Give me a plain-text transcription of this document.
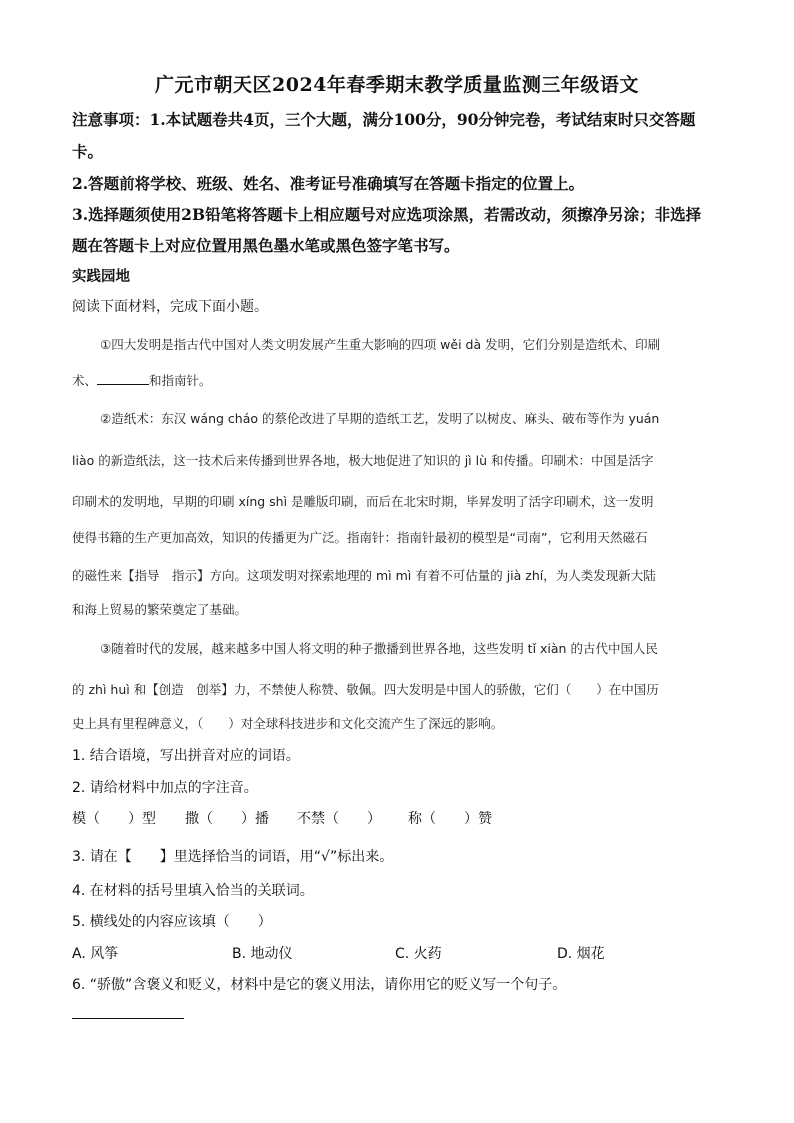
广元市朝天区2024年春季期末教学质量监测三年级语文
注意事项：1.本试题卷共4页，三个大题，满分100分，90分钟完卷，考试结束时只交答题
卡。
2.答题前将学校、班级、姓名、准考证号准确填写在答题卡指定的位置上。
3.选择题须使用2B铅笔将答题卡上相应题号对应选项涂黑，若需改动，须擦净另涂；非选择
题在答题卡上对应位置用黑色墨水笔或黑色签字笔书写。
实践园地
阅读下面材料，完成下面小题。
①四大发明是指古代中国对人类文明发展产生重大影响的四项 wěi dà 发明，它们分别是造纸术、印刷
术、	和指南针。
②造纸术：东汉 wáng cháo 的蔡伦改进了早期的造纸工艺，发明了以树皮、麻头、破布等作为 yuán
liào 的新造纸法，这一技术后来传播到世界各地，极大地促进了知识的 jì lù 和传播。印刷术：中国是活字
印刷术的发明地，早期的印刷 xíng shì 是雕版印刷，而后在北宋时期，毕昇发明了活字印刷术，这一发明
使得书籍的生产更加高效，知识的传播更为广泛。指南针：指南针最初的模型是“司南”，它利用天然磁石
的磁性来【指导　指示】方向。这项发明对探索地理的 mì mì 有着不可估量的 jià zhí，为人类发现新大陆
和海上贸易的繁荣奠定了基础。
③随着时代的发展，越来越多中国人将文明的种子撒播到世界各地，这些发明 tǐ xiàn 的古代中国人民
的 zhì huì 和【创造　创举】力，不禁使人称赞、敬佩。四大发明是中国人的骄傲，它们（　　）在中国历
史上具有里程碑意义，（　　）对全球科技进步和文化交流产生了深远的影响。
1. 结合语境，写出拼音对应的词语。
2. 请给材料中加点的字注音。
模（　　）型 撒（　　）播 不禁（　　） 称（　　）赞
3. 请在【　　】里选择恰当的词语，用“√”标出来。
4. 在材料的括号里填入恰当的关联词。
5. 横线处的内容应该填（　　）
A. 风筝	B. 地动仪	C. 火药	D. 烟花
6. “骄傲”含褒义和贬义，材料中是它的褒义用法，请你用它的贬义写一个句子。
